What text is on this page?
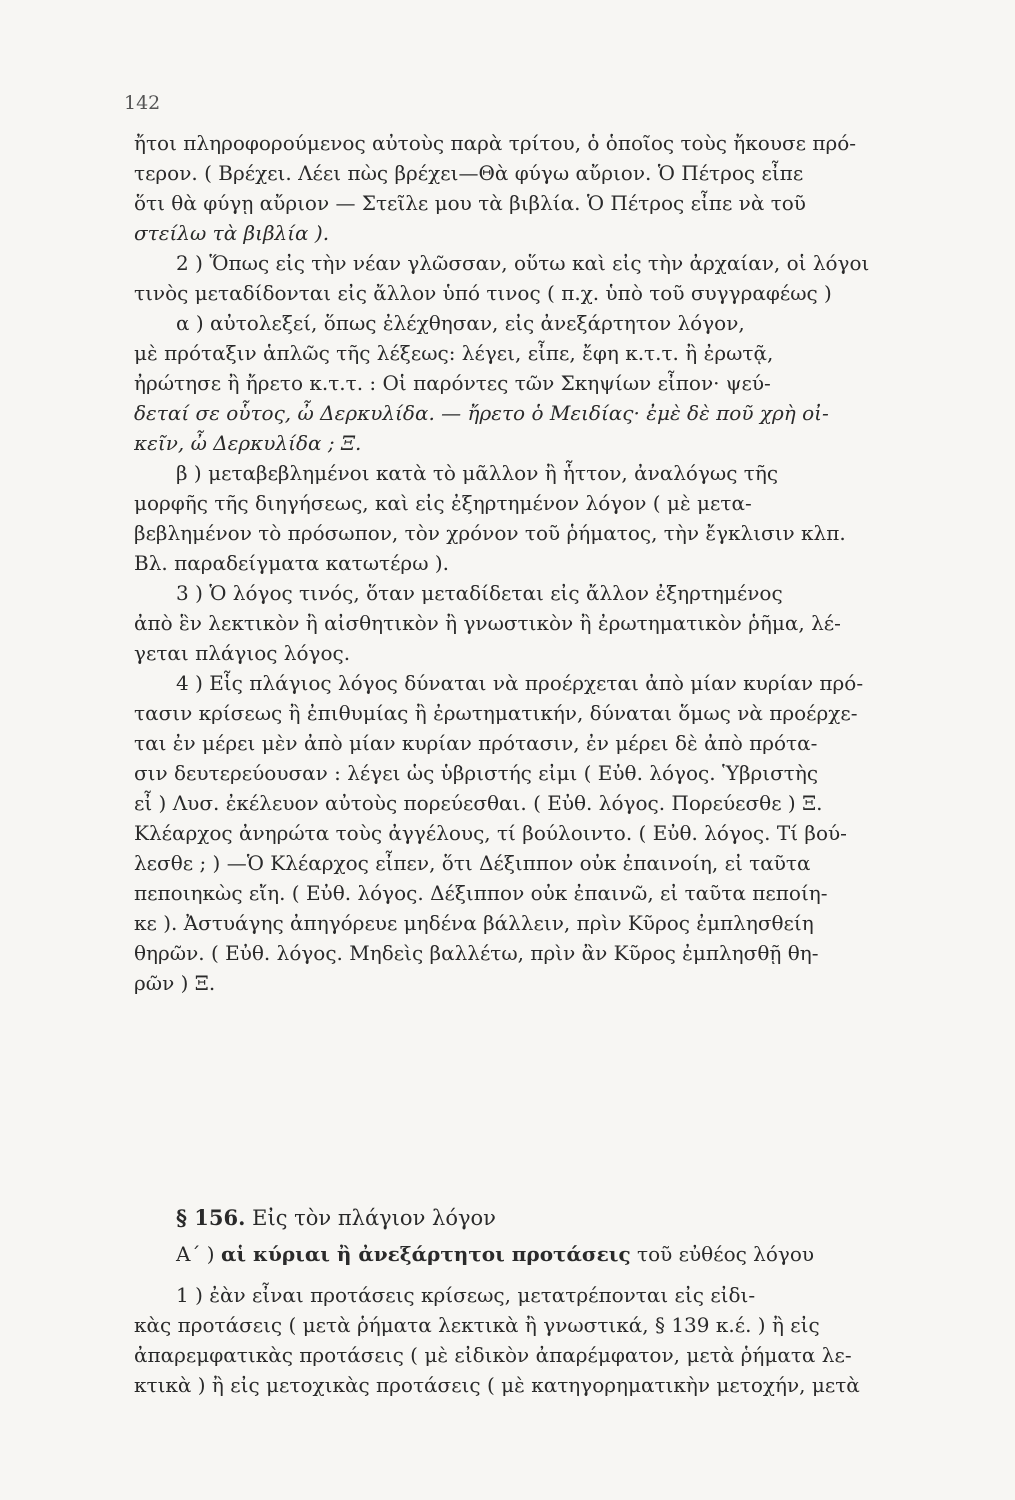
142
ἤτοι πληροφορούμενος αὐτοὺς παρὰ τρίτου, ὁ ὁποῖος τοὺς ἤκουσε πρό-
τερον. ( Βρέχει. Λέει πὼς βρέχει—Θὰ φύγω αὔριον. Ὁ Πέτρος εἶπε
ὅτι θὰ φύγῃ αὔριον — Στεῖλε μου τὰ βιβλία. Ὁ Πέτρος εἶπε νὰ τοῦ
στείλω τὰ βιβλία ).
2 ) Ὅπως εἰς τὴν νέαν γλῶσσαν, οὕτω καὶ εἰς τὴν ἀρχαίαν, οἱ λόγοι
τινὸς μεταδίδονται εἰς ἄλλον ὑπό τινος ( π.χ. ὑπὸ τοῦ συγγραφέως )
α ) αὐτολεξεί, ὅπως ἐλέχθησαν, εἰς ἀνεξάρτητον λόγον,
μὲ πρόταξιν ἁπλῶς τῆς λέξεως: λέγει, εἶπε, ἔφη κ.τ.τ. ἢ ἐρωτᾷ,
ἠρώτησε ἢ ἤρετο κ.τ.τ. : Οἱ παρόντες τῶν Σκηψίων εἶπον· ψεύ-
δεταί σε οὗτος, ὦ Δερκυλίδα. — ἤρετο ὁ Μειδίας· ἐμὲ δὲ ποῦ χρὴ οἰ-
κεῖν, ὦ Δερκυλίδα ; Ξ.
β ) μεταβεβλημένοι κατὰ τὸ μᾶλλον ἢ ἧττον, ἀναλόγως τῆς
μορφῆς τῆς διηγήσεως, καὶ εἰς ἐξηρτημένον λόγον ( μὲ μετα-
βεβλημένον τὸ πρόσωπον, τὸν χρόνον τοῦ ῥήματος, τὴν ἔγκλισιν κλπ.
Βλ. παραδείγματα κατωτέρω ).
3 ) Ὁ λόγος τινός, ὅταν μεταδίδεται εἰς ἄλλον ἐξηρτημένος
ἀπὸ ἓν λεκτικὸν ἢ αἰσθητικὸν ἢ γνωστικὸν ἢ ἐρωτηματικὸν ῥῆμα, λέ-
γεται πλάγιος λόγος.
4 ) Εἷς πλάγιος λόγος δύναται νὰ προέρχεται ἀπὸ μίαν κυρίαν πρό-
τασιν κρίσεως ἢ ἐπιθυμίας ἢ ἐρωτηματικήν, δύναται ὅμως νὰ προέρχε-
ται ἐν μέρει μὲν ἀπὸ μίαν κυρίαν πρότασιν, ἐν μέρει δὲ ἀπὸ πρότα-
σιν δευτερεύουσαν : λέγει ὡς ὑβριστής εἰμι ( Εὐθ. λόγος. Ὑβριστὴς
εἶ ) Λυσ. ἐκέλευον αὐτοὺς πορεύεσθαι. ( Εὐθ. λόγος. Πορεύεσθε ) Ξ.
Κλέαρχος ἀνηρώτα τοὺς ἀγγέλους, τί βούλοιντο. ( Εὐθ. λόγος. Τί βού-
λεσθε ; ) —Ὁ Κλέαρχος εἶπεν, ὅτι Δέξιππον οὐκ ἐπαινοίη, εἰ ταῦτα
πεποιηκὼς εἴη. ( Εὐθ. λόγος. Δέξιππον οὐκ ἐπαινῶ, εἰ ταῦτα πεποίη-
κε ). Ἀστυάγης ἀπηγόρευε μηδένα βάλλειν, πρὶν Κῦρος ἐμπλησθείη
θηρῶν. ( Εὐθ. λόγος. Μηδεὶς βαλλέτω, πρὶν ἂν Κῦρος ἐμπλησθῇ θη-
ρῶν ) Ξ.
§ 156. Εἰς τὸν πλάγιον λόγον
Α΄ ) αἱ κύριαι ἢ ἀνεξάρτητοι προτάσεις τοῦ εὐθέος λόγου
1 ) ἐὰν εἶναι προτάσεις κρίσεως, μετατρέπονται εἰς εἰδι-
κὰς προτάσεις ( μετὰ ῥήματα λεκτικὰ ἢ γνωστικά, § 139 κ.έ. ) ἢ εἰς
ἀπαρεμφατικὰς προτάσεις ( μὲ εἰδικὸν ἀπαρέμφατον, μετὰ ῥήματα λε-
κτικὰ ) ἢ εἰς μετοχικὰς προτάσεις ( μὲ κατηγορηματικὴν μετοχήν, μετὰ
